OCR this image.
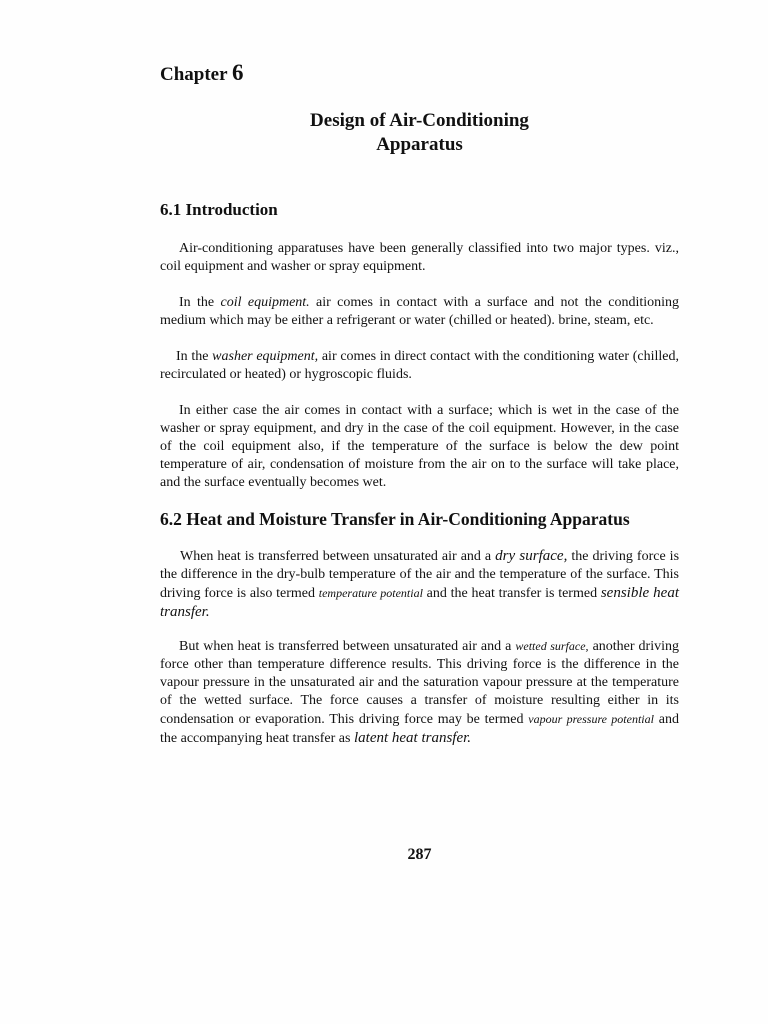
Chapter 6
Design of Air-Conditioning
Apparatus
6.1 Introduction
Air-conditioning apparatuses have been generally classified into two major types. viz., coil equipment and washer or spray equipment.
In the coil equipment. air comes in contact with a surface and not the conditioning medium which may be either a refrigerant or water (chilled or heated). brine, steam, etc.
In the washer equipment, air comes in direct contact with the conditioning water (chilled, recirculated or heated) or hygroscopic fluids.
In either case the air comes in contact with a surface; which is wet in the case of the washer or spray equipment, and dry in the case of the coil equipment. However, in the case of the coil equipment also, if the temperature of the surface is below the dew point temperature of air, condensation of moisture from the air on to the surface will take place, and the surface eventually becomes wet.
6.2 Heat and Moisture Transfer in Air-Conditioning Apparatus
When heat is transferred between unsaturated air and a dry surface, the driving force is the difference in the dry-bulb temperature of the air and the temperature of the surface. This driving force is also termed temperature potential and the heat transfer is termed sensible heat transfer.
But when heat is transferred between unsaturated air and a wetted surface, another driving force other than temperature difference results. This driving force is the difference in the vapour pressure in the unsaturated air and the saturation vapour pressure at the temperature of the wetted surface. The force causes a transfer of moisture resulting either in its condensation or evaporation. This driving force may be termed vapour pressure potential and the accompanying heat transfer as latent heat transfer.
287
